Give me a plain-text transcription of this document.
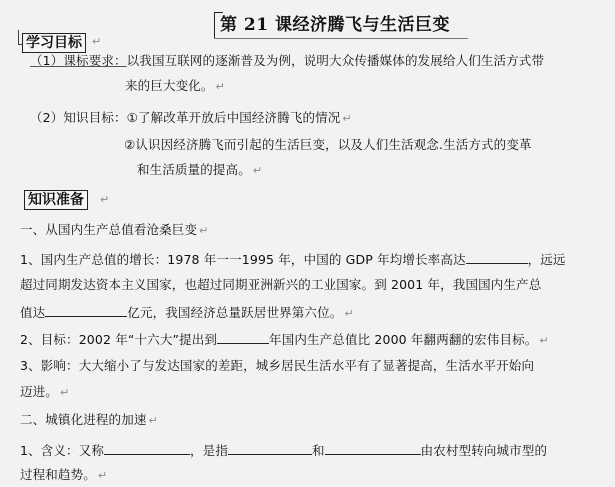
第 21 课经济腾飞与生活巨变
学习目标 ↵
（1）课标要求：以我国互联网的逐渐普及为例，说明大众传播媒体的发展给人们生活方式带
来的巨大变化。 ↵
（2）知识目标：①了解改革开放后中国经济腾飞的情况 ↵
②认识因经济腾飞而引起的生活巨变，以及人们生活观念.生活方式的变革
和生活质量的提高。 ↵
知识准备	↵
一、从国内生产总值看沧桑巨变 ↵
1、国内生产总值的增长：1978 年一一1995 年，中国的 GDP 年均增长率高达	，远远
超过同期发达资本主义国家，也超过同期亚洲新兴的工业国家。到 2001 年，我国国内生产总
值达	亿元，我国经济总量跃居世界第六位。 ↵
2、目标：2002 年“十六大”提出到	年国内生产总值比 2000 年翻两翻的宏伟目标。 ↵
3、影响：大大缩小了与发达国家的差距，城乡居民生活水平有了显著提高，生活水平开始向
迈进。 ↵
二、城镇化进程的加速 ↵
1、含义：又称	，是指	和	由农村型转向城市型的
过程和趋势。 ↵
